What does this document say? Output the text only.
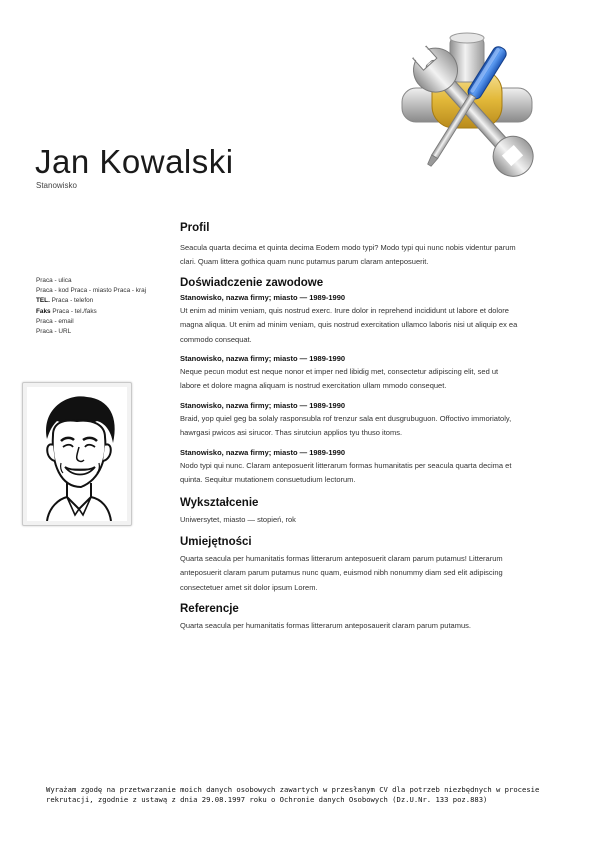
Jan Kowalski
Stanowisko
Praca - ulica
Praca - kod Praca - miasto Praca - kraj
TEL. Praca - telefon
Faks Praca - tel./faks
Praca - email
Praca - URL
Profil

Seacula quarta decima et quinta decima Eodem modo typi? Modo typi qui nunc nobis videntur parum clari. Quam littera gothica quam nunc putamus parum claram anteposuerit.

Doświadczenie zawodowe
Stanowisko, nazwa firmy; miasto — 1989-1990

Ut enim ad minim veniam, quis nostrud exerc. Irure dolor in reprehend incididunt ut labore et dolore magna aliqua. Ut enim ad minim veniam, quis nostrud exercitation ullamco laboris nisi ut aliquip ex ea commodo consequat.

Stanowisko, nazwa firmy; miasto — 1989-1990

Neque pecun modut est neque nonor et imper ned libidig met, consectetur adipiscing elit, sed ut labore et dolore magna aliquam is nostrud exercitation ullam mmodo consequet.

Stanowisko, nazwa firmy; miasto — 1989-1990

Braid, yop quiel geg ba solaly rasponsubla rof trenzur sala ent dusgrubuguon. Offoctivo immoriatoly, hawrgasi pwicos asi sirucor. Thas sirutciun applios tyu thuso itoms.

Stanowisko, nazwa firmy; miasto — 1989-1990

Nodo typi qui nunc. Claram anteposuerit litterarum formas humanitatis per seacula quarta decima et quinta. Sequitur mutationem consuetudium lectorum.

Wykształcenie

Uniwersytet, miasto — stopień, rok

Umiejętności

Quarta seacula per humanitatis formas litterarum anteposuerit claram parum putamus! Litterarum anteposuerit claram parum putamus nunc quam, euismod nibh nonummy diam sed elit adipiscing consectetuer amet sit dolor ipsum Lorem.

Referencje

Quarta seacula per humanitatis formas litterarum anteposauerit claram parum putamus.

Wyrażam zgodę na przetwarzanie moich danych osobowych zawartych w przesłanym CV dla potrzeb niezbędnych w procesie
rekrutacji, zgodnie z ustawą z dnia 29.08.1997 roku o Ochronie danych Osobowych (Dz.U.Nr. 133 poz.883)
